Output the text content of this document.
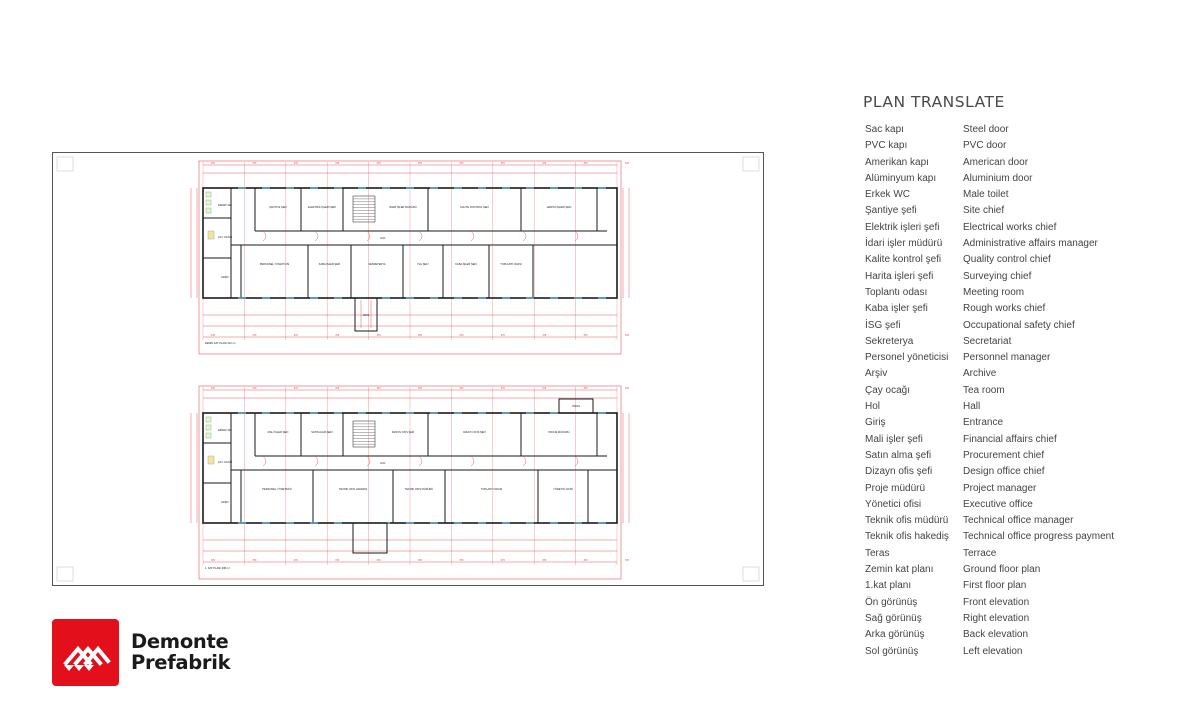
370
370
370
370
370
370
370
370
370
370
370
370
370
370
370
370
370
370
370
370
370
370
ERKEK WC
ÇAY OCAĞI
ARŞİV
ŞANTİYE ŞEFİ	ELEKTRİK İŞLERİ ŞEFİ	İDARİ İŞLER MÜDÜRÜ	KALİTE KONTROL ŞEFİ	HARİTA İŞLERİ ŞEFİ
HOL
PERSONEL YÖNETİCİSİ	KABA İŞLER ŞEFİ	SEKRETERYA	İSG ŞEFİ	KABA İŞLER ŞEFİ	TOPLANTI ODASI
GİRİŞ
ZEMIN KAT PLANI 312 m²
370
370
370
370
370
370
370
370
370
370
370
370
370
370
370
370
370
370
370
370
370
370
ERKEK WC
ÇAY OCAĞI
ARŞİV
MALİ İŞLER ŞEFİ	SATIN ALMA ŞEFİ	DİZAYN OFİS ŞEFİ	DİZAYN OFİS ŞEFİ	PROJE MÜDÜRÜ
HOL
PERSONEL YÖNETİCİSİ	TEKNİK OFİS HAKEDİŞ	TEKNİK OFİS MÜDÜRÜ	TOPLANTI ODASI	YÖNETİCİ OFİSİ
TERAS
1. KAT PLANI 308 m²
PLAN TRANSLATE
Sac kapı	Steel door
PVC kapı	PVC door
Amerikan kapı	American door
Alüminyum kapı	Aluminium door
Erkek WC	Male toilet
Şantiye şefi	Site chief
Elektrik işleri şefi	Electrical works chief
İdari işler müdürü	Administrative affairs manager
Kalite kontrol şefi	Quality control chief
Harita işleri şefi	Surveying chief
Toplantı odası	Meeting room
Kaba işler şefi	Rough works chief
İSG şefi	Occupational safety chief
Sekreterya	Secretariat
Personel yöneticisi	Personnel manager
Arşiv	Archive
Çay ocağı	Tea room
Hol	Hall
Giriş	Entrance
Mali işler şefi	Financial affairs chief
Satın alma şefi	Procurement chief
Dizayn ofis şefi	Design office chief
Proje müdürü	Project manager
Yönetici ofisi	Executive office
Teknik ofis müdürü	Technical office manager
Teknik ofis hakediş	Technical office progress payment
Teras	Terrace
Zemin kat planı	Ground floor plan
1.kat planı	First floor plan
Ön görünüş	Front elevation
Sağ görünüş	Right elevation
Arka görünüş	Back elevation
Sol görünüş	Left elevation
Demonte
Prefabrik
